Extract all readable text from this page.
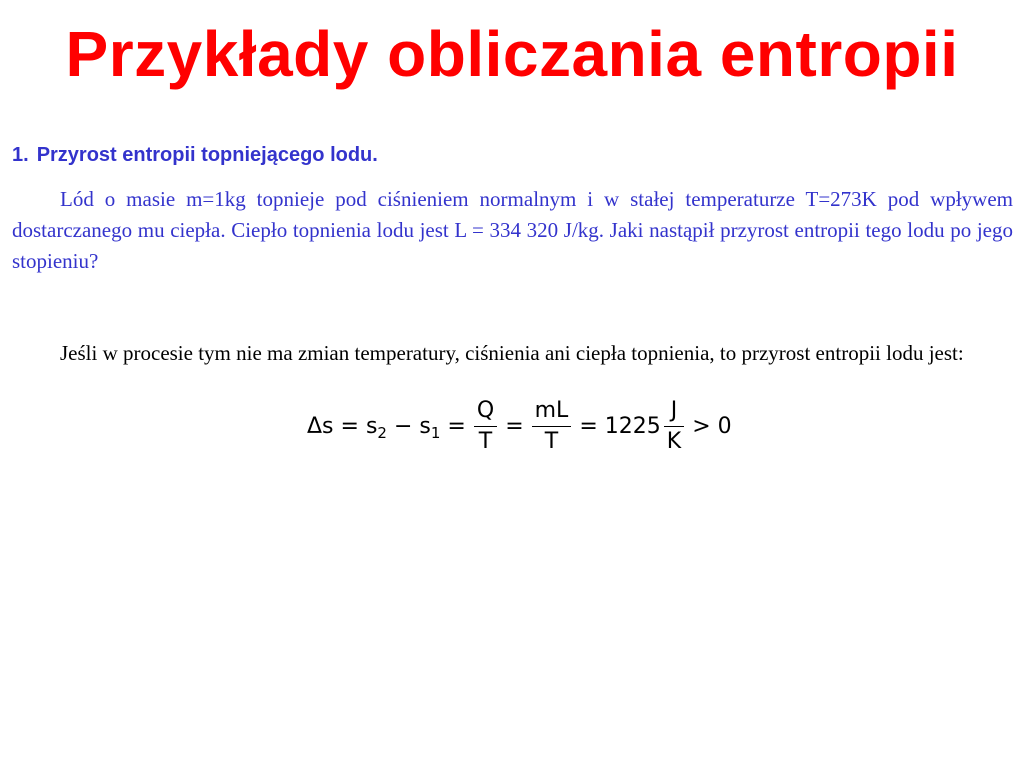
Przykłady obliczania entropii
1. Przyrost entropii topniejącego lodu.

Lód o masie m=1kg topnieje pod ciśnieniem normalnym i w stałej temperaturze T=273K pod wpływem dostarczanego mu ciepła. Ciepło topnienia lodu jest L = 334 320 J/kg. Jaki nastąpił przyrost entropii tego lodu po jego stopieniu?

Jeśli w procesie tym nie ma zmian temperatury, ciśnienia ani ciepła topnienia, to przyrost entropii lodu jest:

$\Delta s = s_2 - s_1 = \frac{Q}{T} = \frac{mL}{T} = 1225 \frac{J}{K} > 0$
